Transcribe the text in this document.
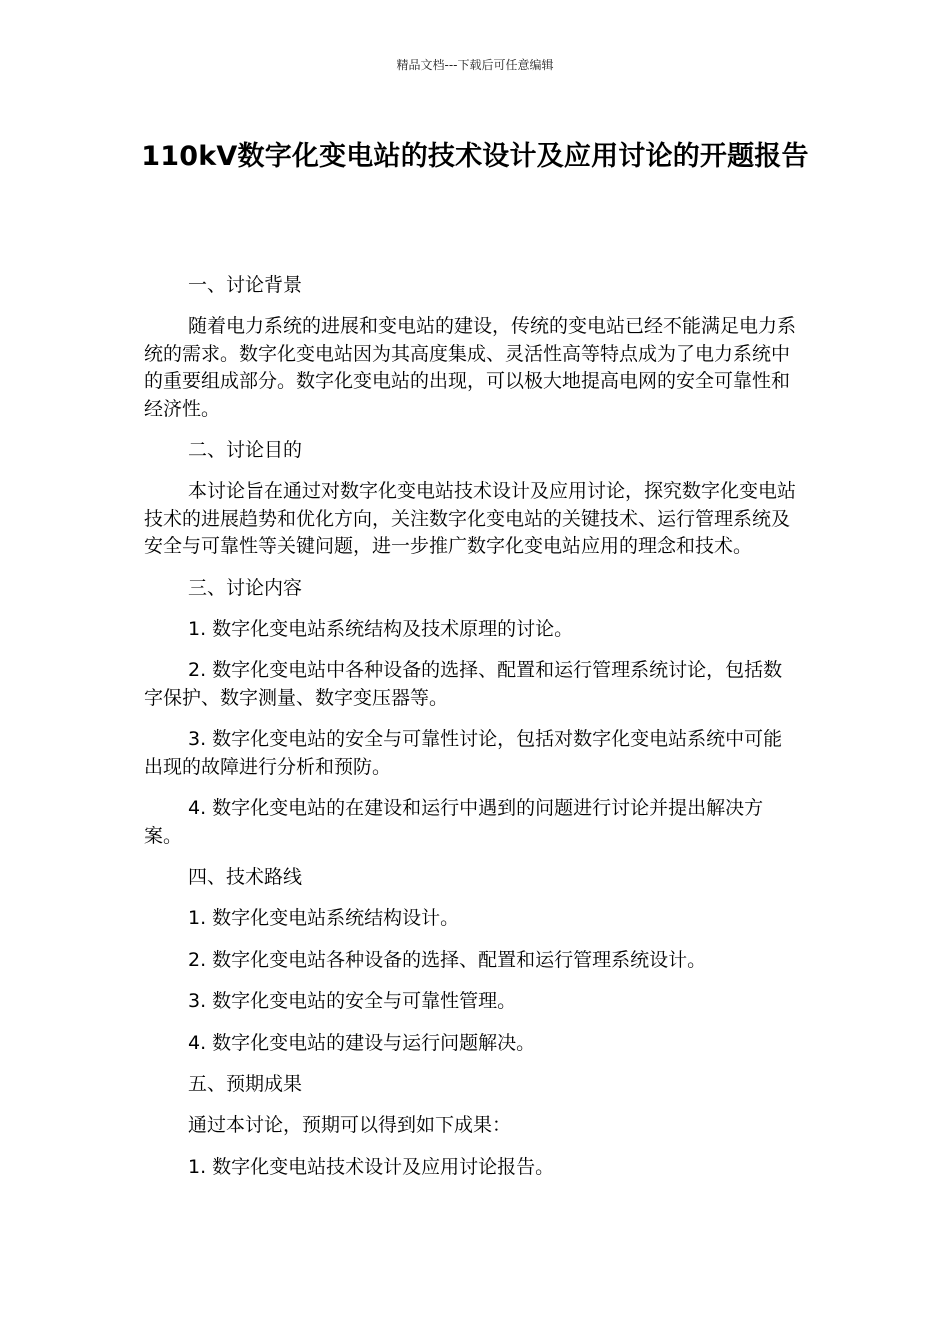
精品文档---下载后可任意编辑
110kV数字化变电站的技术设计及应用讨论的开题报告

一、讨论背景

随着电力系统的进展和变电站的建设，传统的变电站已经不能满足电力系统的需求。数字化变电站因为其高度集成、灵活性高等特点成为了电力系统中的重要组成部分。数字化变电站的出现，可以极大地提高电网的安全可靠性和经济性。

二、讨论目的

本讨论旨在通过对数字化变电站技术设计及应用讨论，探究数字化变电站技术的进展趋势和优化方向，关注数字化变电站的关键技术、运行管理系统及安全与可靠性等关键问题，进一步推广数字化变电站应用的理念和技术。

三、讨论内容

1. 数字化变电站系统结构及技术原理的讨论。

2. 数字化变电站中各种设备的选择、配置和运行管理系统讨论，包括数字保护、数字测量、数字变压器等。

3. 数字化变电站的安全与可靠性讨论，包括对数字化变电站系统中可能出现的故障进行分析和预防。

4. 数字化变电站的在建设和运行中遇到的问题进行讨论并提出解决方案。

四、技术路线

1. 数字化变电站系统结构设计。

2. 数字化变电站各种设备的选择、配置和运行管理系统设计。

3. 数字化变电站的安全与可靠性管理。

4. 数字化变电站的建设与运行问题解决。

五、预期成果

通过本讨论，预期可以得到如下成果：

1. 数字化变电站技术设计及应用讨论报告。
